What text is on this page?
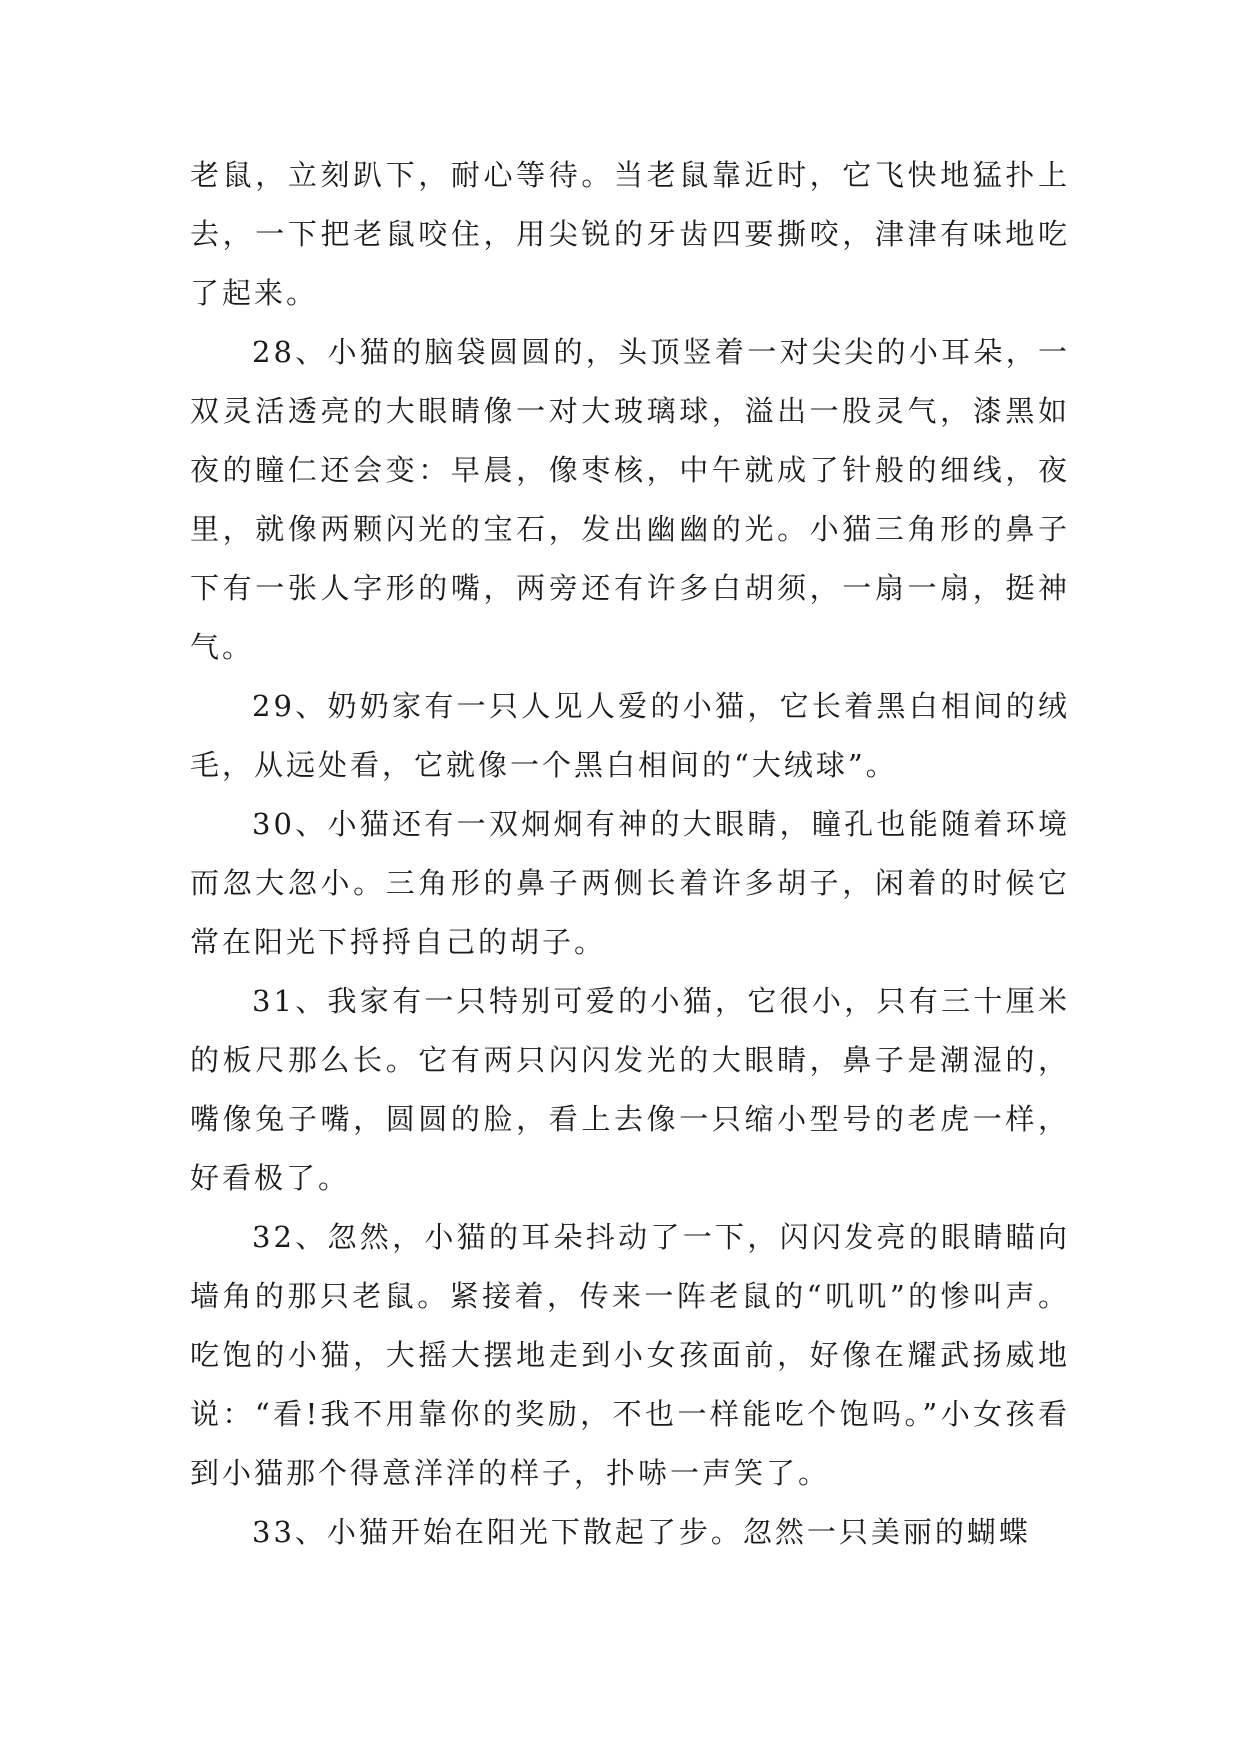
老鼠，立刻趴下，耐心等待。当老鼠靠近时，它飞快地猛扑上去，一下把老鼠咬住，用尖锐的牙齿四要撕咬，津津有味地吃了起来。

28、小猫的脑袋圆圆的，头顶竖着一对尖尖的小耳朵，一双灵活透亮的大眼睛像一对大玻璃球，溢出一股灵气，漆黑如夜的瞳仁还会变：早晨，像枣核，中午就成了针般的细线，夜里，就像两颗闪光的宝石，发出幽幽的光。小猫三角形的鼻子下有一张人字形的嘴，两旁还有许多白胡须，一扇一扇，挺神气。

29、奶奶家有一只人见人爱的小猫，它长着黑白相间的绒毛，从远处看，它就像一个黑白相间的“大绒球”。

30、小猫还有一双炯炯有神的大眼睛，瞳孔也能随着环境而忽大忽小。三角形的鼻子两侧长着许多胡子，闲着的时候它常在阳光下捋捋自己的胡子。

31、我家有一只特别可爱的小猫，它很小，只有三十厘米的板尺那么长。它有两只闪闪发光的大眼睛，鼻子是潮湿的，嘴像兔子嘴，圆圆的脸，看上去像一只缩小型号的老虎一样，好看极了。

32、忽然，小猫的耳朵抖动了一下，闪闪发亮的眼睛瞄向墙角的那只老鼠。紧接着，传来一阵老鼠的“叽叽”的惨叫声。吃饱的小猫，大摇大摆地走到小女孩面前，好像在耀武扬威地说：“看!我不用靠你的奖励，不也一样能吃个饱吗。”小女孩看到小猫那个得意洋洋的样子，扑哧一声笑了。

33、小猫开始在阳光下散起了步。忽然一只美丽的蝴蝶
